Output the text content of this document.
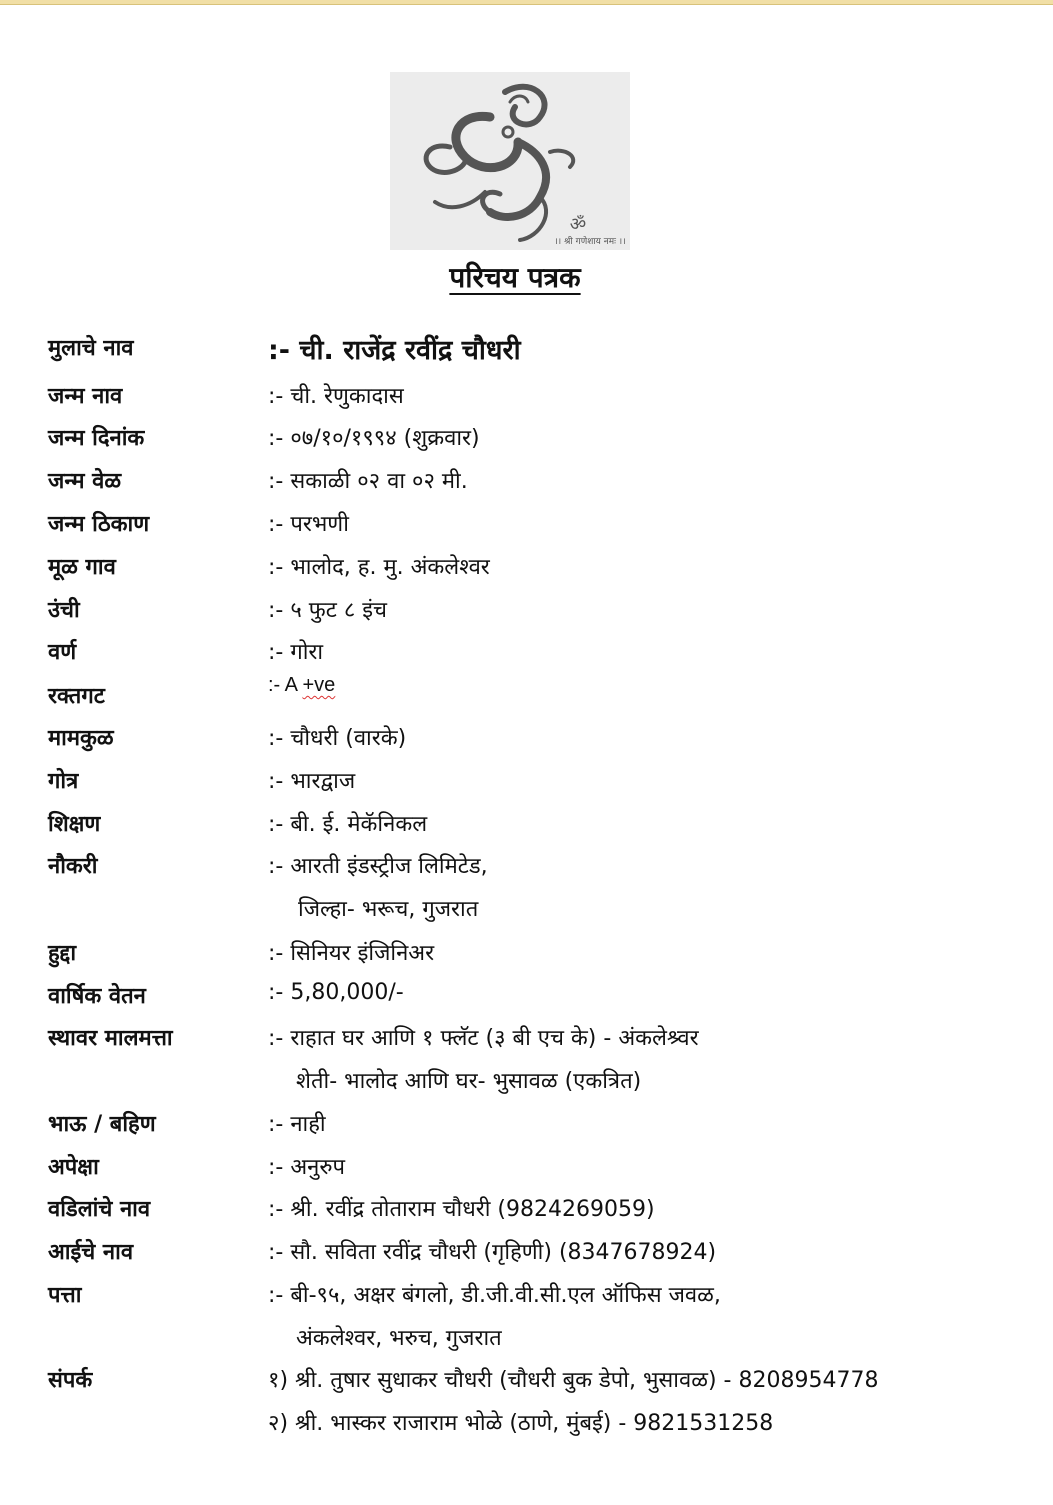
ॐ
।। श्री गणेशाय नमः ।।
परिचय पत्रक
मुलाचे नाव	:- ची. राजेंद्र रवींद्र चौधरी
जन्म नाव	:- ची. रेणुकादास
जन्म दिनांक	:- ०७/१०/१९९४ (शुक्रवार)
जन्म वेळ	:- सकाळी ०२ वा ०२ मी.
जन्म ठिकाण	:- परभणी
मूळ गाव	:- भालोद, ह. मु. अंकलेश्वर
उंची	:- ५ फुट ८ इंच
वर्ण	:- गोरा
रक्तगट	:- A +ve
मामकुळ	:- चौधरी (वारके)
गोत्र	:- भारद्वाज
शिक्षण	:- बी. ई. मेकॅनिकल
नौकरी	:- आरती इंडस्ट्रीज लिमिटेड,
जिल्हा- भरूच, गुजरात
हुद्दा	:- सिनियर इंजिनिअर
वार्षिक वेतन	:- 5,80,000/-
स्थावर मालमत्ता	:- राहात घर आणि १ फ्लॅट (३ बी एच के) - अंकलेश्र्वर
शेती- भालोद आणि घर- भुसावळ (एकत्रित)
भाऊ / बहिण	:- नाही
अपेक्षा	:- अनुरुप
वडिलांचे नाव	:- श्री. रवींद्र तोताराम चौधरी (9824269059)
आईचे नाव	:- सौ. सविता रवींद्र चौधरी (गृहिणी) (8347678924)
पत्ता	:- बी-९५, अक्षर बंगलो, डी.जी.वी.सी.एल ऑफिस जवळ,
अंकलेश्वर, भरुच, गुजरात
संपर्क	१) श्री. तुषार सुधाकर चौधरी (चौधरी बुक डेपो, भुसावळ) - 8208954778
२) श्री. भास्कर राजाराम भोळे (ठाणे, मुंबई) - 9821531258
